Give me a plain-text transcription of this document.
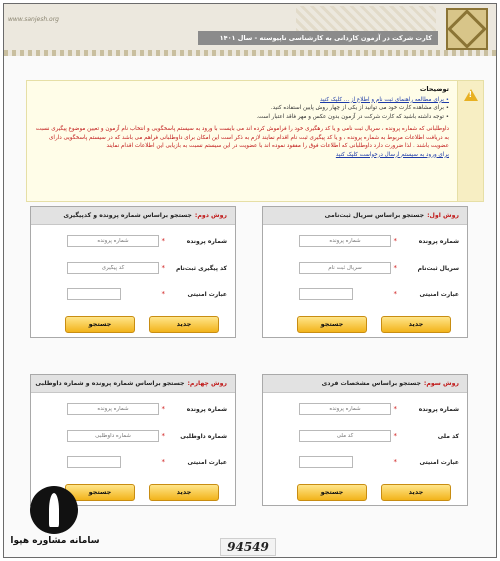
www.sanjesh.org
کارت شرکت در آزمون کاردانی به کارشناسی ناپیوسته - سال ۱۴۰۱
!
توضیحات
• برای مطالعه راهنمای ثبت نام و اطلاع از ... کلیک کنید
• برای مشاهده کارت خود می توانید از یکی از چهار روش پایین استفاده کنید.
• توجه داشته باشید که کارت شرکت در آزمون بدون عکس و مهر فاقد اعتبار است.
داوطلبانی که شماره پرونده ، سریال ثبت نامی و یا کد رهگیری خود را فراموش کرده اند می بایست با ورود به سیستم پاسخگویی و انتخاب نام آزمون و تعیین موضوع پیگیری نسبت به دریافت اطلاعات مربوط به شماره پرونده ، و یا کد پیگیری ثبت نام اقدام نمایند لازم به ذکر است این امکان برای داوطلبانی فراهم می باشد که در سیستم پاسخگویی دارای عضویت باشند . لذا ضرورت دارد داوطلبانی که اطلاعات فوق را مفقود نموده اند با عضویت در این سیستم نسبت به بازیابی این اطلاعات اقدام نمایند
برای ورود به سیستم ارسال درخواست کلیک کنید
روش اول:
جستجو براساس سریال ثبت‌نامی
شماره پرونده
*
شماره پرونده
سریال ثبت‌نام
*
سریال ثبت نام
عبارت امنیتی
*
جدید
جستجو
روش دوم:
جستجو براساس شماره پرونده و کدپیگیری
شماره پرونده
*
شماره پرونده
کد پیگیری ثبت‌نام
*
کد پیگیری
عبارت امنیتی
*
جدید
جستجو
روش سوم:
جستجو براساس مشخصات فردی
شماره پرونده
*
شماره پرونده
کد ملی
*
کد ملی
عبارت امنیتی
*
جدید
جستجو
روش چهارم:
جستجو براساس شماره پرونده و شماره داوطلبی
شماره پرونده
*
شماره پرونده
شماره داوطلبی
*
شماره داوطلبی
عبارت امنیتی
*
جدید
جستجو
94549
سامانه مشاوره هپوا
